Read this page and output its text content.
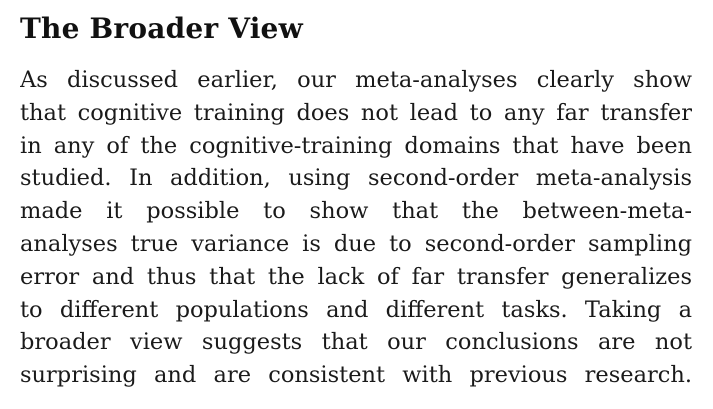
The Broader View
As discussed earlier, our meta-analyses clearly show
that cognitive training does not lead to any far transfer
in any of the cognitive-training domains that have been
studied. In addition, using second-order meta-analysis
made it possible to show that the between-meta-
analyses true variance is due to second-order sampling
error and thus that the lack of far transfer generalizes
to different populations and different tasks. Taking a
broader view suggests that our conclusions are not
surprising and are consistent with previous research.
